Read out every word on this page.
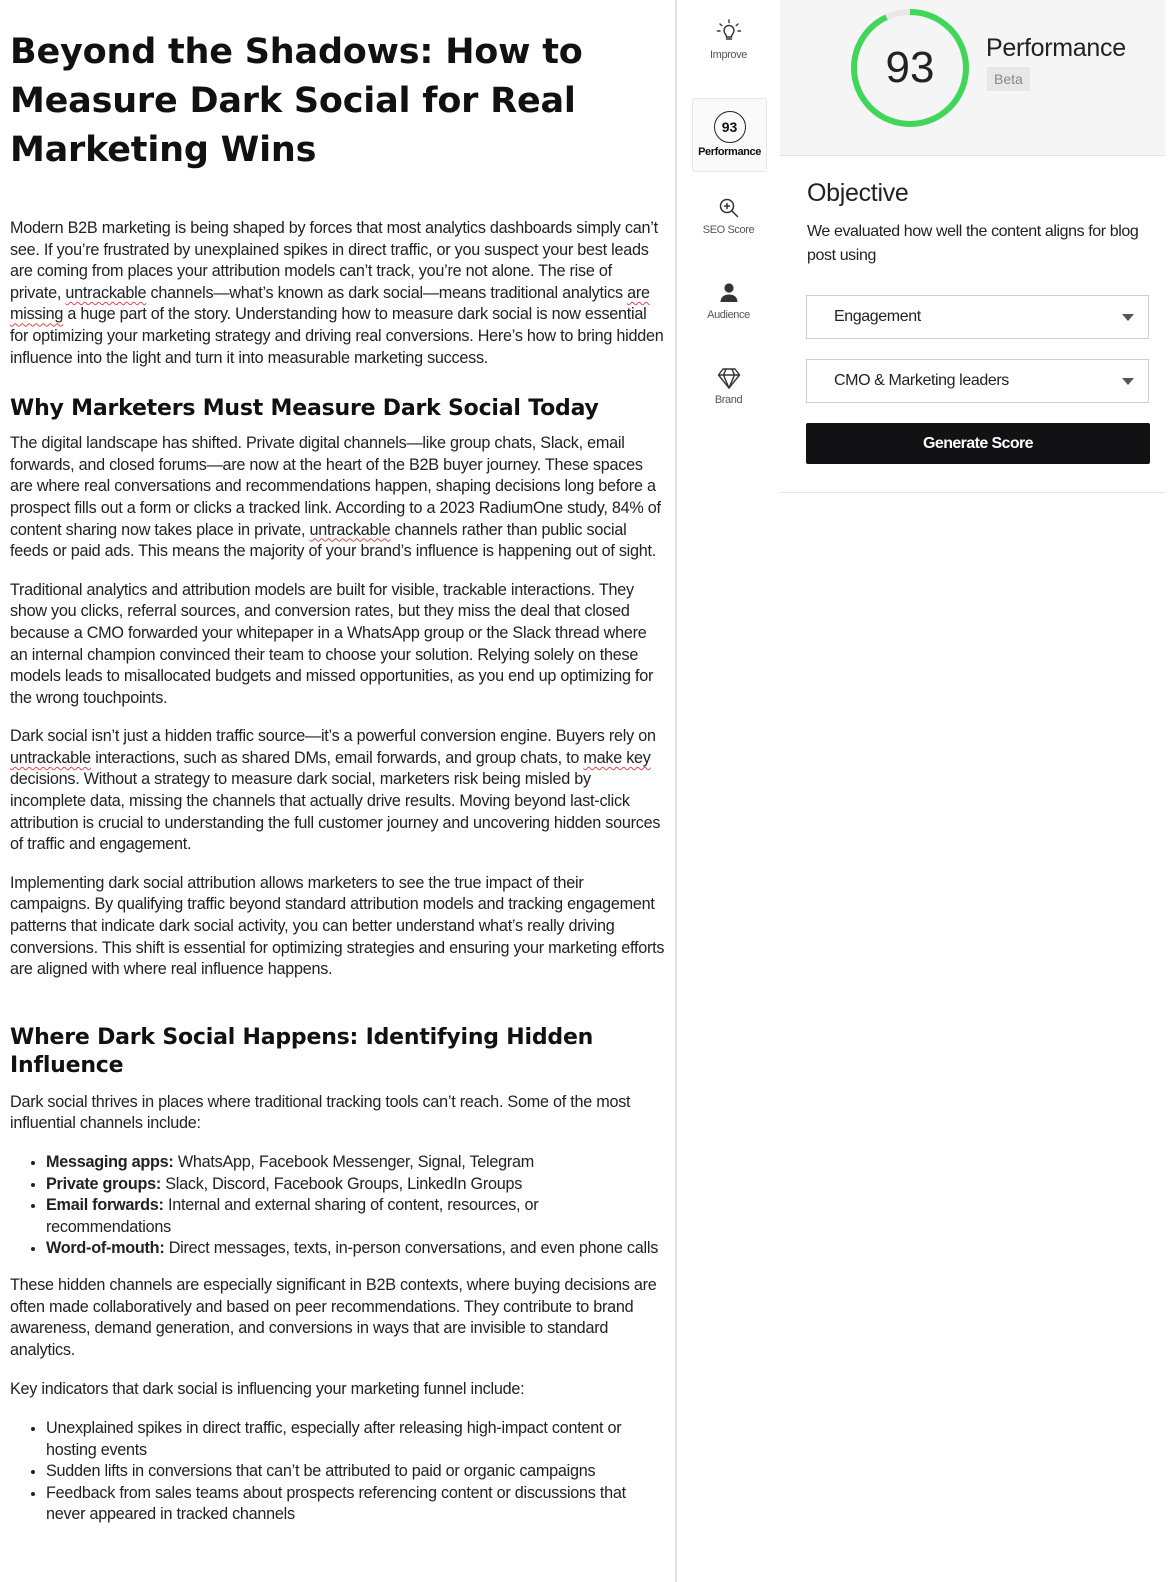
Beyond the Shadows: How to Measure Dark Social for Real Marketing Wins

Modern B2B marketing is being shaped by forces that most analytics dashboards simply can’t see. If you’re frustrated by unexplained spikes in direct traffic, or you suspect your best leads are coming from places your attribution models can’t track, you’re not alone. The rise of private, untrackable channels—what’s known as dark social—means traditional analytics are missing a huge part of the story. Understanding how to measure dark social is now essential for optimizing your marketing strategy and driving real conversions. Here’s how to bring hidden influence into the light and turn it into measurable marketing success.

Why Marketers Must Measure Dark Social Today

The digital landscape has shifted. Private digital channels—like group chats, Slack, email forwards, and closed forums—are now at the heart of the B2B buyer journey. These spaces are where real conversations and recommendations happen, shaping decisions long before a prospect fills out a form or clicks a tracked link. According to a 2023 RadiumOne study, 84% of content sharing now takes place in private, untrackable channels rather than public social feeds or paid ads. This means the majority of your brand’s influence is happening out of sight.

Traditional analytics and attribution models are built for visible, trackable interactions. They show you clicks, referral sources, and conversion rates, but they miss the deal that closed because a CMO forwarded your whitepaper in a WhatsApp group or the Slack thread where an internal champion convinced their team to choose your solution. Relying solely on these models leads to misallocated budgets and missed opportunities, as you end up optimizing for the wrong touchpoints.

Dark social isn’t just a hidden traffic source—it’s a powerful conversion engine. Buyers rely on untrackable interactions, such as shared DMs, email forwards, and group chats, to make key decisions. Without a strategy to measure dark social, marketers risk being misled by incomplete data, missing the channels that actually drive results. Moving beyond last-click attribution is crucial to understanding the full customer journey and uncovering hidden sources of traffic and engagement.

Implementing dark social attribution allows marketers to see the true impact of their campaigns. By qualifying traffic beyond standard attribution models and tracking engagement patterns that indicate dark social activity, you can better understand what’s really driving conversions. This shift is essential for optimizing strategies and ensuring your marketing efforts are aligned with where real influence happens.

Where Dark Social Happens: Identifying Hidden Influence

Dark social thrives in places where traditional tracking tools can’t reach. Some of the most influential channels include:

• Messaging apps: WhatsApp, Facebook Messenger, Signal, Telegram
• Private groups: Slack, Discord, Facebook Groups, LinkedIn Groups
• Email forwards: Internal and external sharing of content, resources, or recommendations
• Word-of-mouth: Direct messages, texts, in-person conversations, and even phone calls

These hidden channels are especially significant in B2B contexts, where buying decisions are often made collaboratively and based on peer recommendations. They contribute to brand awareness, demand generation, and conversions in ways that are invisible to standard analytics.

Key indicators that dark social is influencing your marketing funnel include:

• Unexplained spikes in direct traffic, especially after releasing high-impact content or hosting events
• Sudden lifts in conversions that can’t be attributed to paid or organic campaigns
• Feedback from sales teams about prospects referencing content or discussions that never appeared in tracked channels
Improve
93
Performance
SEO Score
Audience
Brand
93	Performance
Beta
Objective
We evaluated how well the content aligns for blog post using
Engagement
CMO & Marketing leaders
Generate Score
